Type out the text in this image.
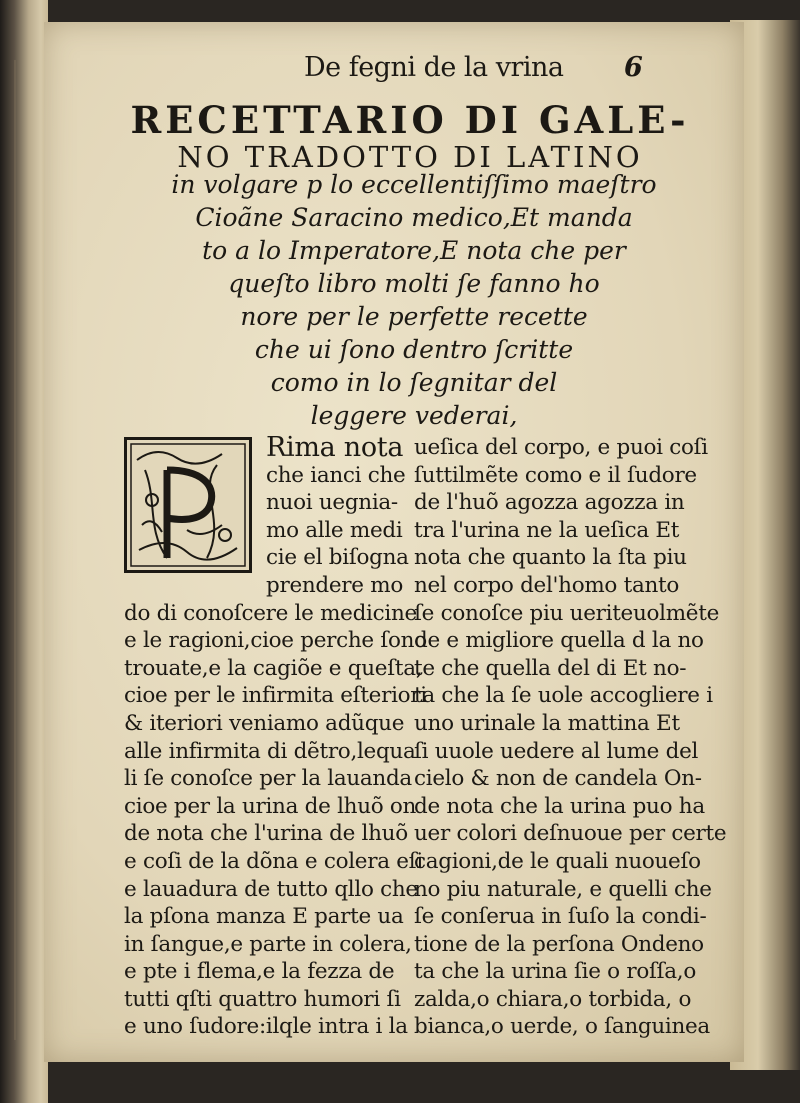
De fegni de la vrina 6
RECETTARIO DI GALE-
NO TRADOTTO DI LATINO
in volgare p lo eccellentiſſimo maeſtro
Cioãne Saracino medico,Et manda
to a lo Imperatore,E nota che per
queſto libro molti ſe fanno ho
nore per le perfette recette
che ui ſono dentro ſcritte
como in lo ſegnitar del
leggere vederai,
Rima nota
che ianci che
nuoi uegnia-
mo alle medi
cie el biſogna
prendere mo
do di conoſcere le medicine
e le ragioni,cioe perche ſono
trouate,e la cagiõe e queſta,
cioe per le infirmita eſteriori
& iteriori veniamo adũque
alle infirmita di dẽtro,lequa
li ſe conoſce per la lauanda
cioe per la urina de lhuõ on
de nota che l'urina de lhuõ
e coſi de la dõna e colera eſi
e lauadura de tutto qllo che
la pſona manza E parte ua
in ſangue,e parte in colera,
e pte i flema,e la fezza de
tutti qſti quattro humori ſi
e uno ſudore:ilqle intra i la
ueſica del corpo, e puoi coſi
ſuttilmẽte como e il ſudore
de l'huõ agozza agozza in
tra l'urina ne la ueſica Et
nota che quanto la ſta piu
nel corpo del'homo tanto
ſe conoſce piu ueriteuolmẽte
de e migliore quella d la no
te che quella del di Et no-
ta che la ſe uole accogliere i
uno urinale la mattina Et
ſi uuole uedere al lume del
cielo & non de candela On-
de nota che la urina puo ha
uer colori deſnuoue per certe
cagioni,de le quali nuoueſo
no piu naturale, e quelli che
ſe conſerua in ſuſo la condi-
tione de la perſona Ondeno
ta che la urina ſie o roſſa,o
zalda,o chiara,o torbida, o
bianca,o uerde, o ſanguinea
